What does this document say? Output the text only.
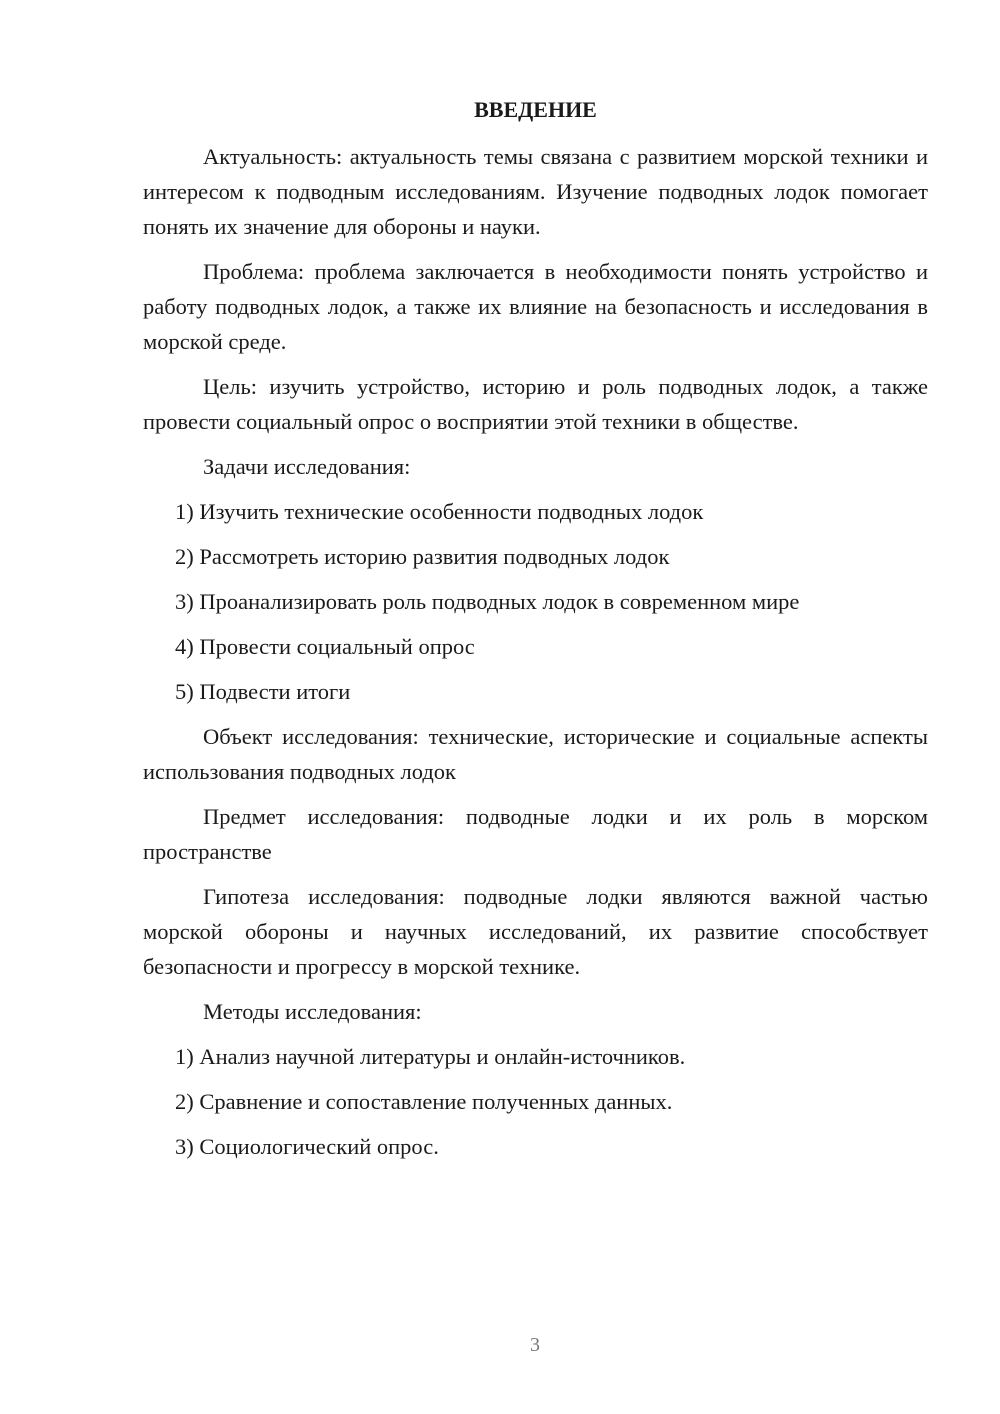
ВВЕДЕНИЕ

Актуальность: актуальность темы связана с развитием морской техники и интересом к подводным исследованиям. Изучение подводных лодок помогает понять их значение для обороны и науки.

Проблема: проблема заключается в необходимости понять устройство и работу подводных лодок, а также их влияние на безопасность и исследования в морской среде.

Цель: изучить устройство, историю и роль подводных лодок, а также провести социальный опрос о восприятии этой техники в обществе.

Задачи исследования:

1) Изучить технические особенности подводных лодок

2) Рассмотреть историю развития подводных лодок

3) Проанализировать роль подводных лодок в современном мире

4) Провести социальный опрос

5) Подвести итоги

Объект исследования: технические, исторические и социальные аспекты использования подводных лодок

Предмет исследования: подводные лодки и их роль в морском пространстве

Гипотеза исследования: подводные лодки являются важной частью морской обороны и научных исследований, их развитие способствует безопасности и прогрессу в морской технике.

Методы исследования:

1) Анализ научной литературы и онлайн-источников.

2) Сравнение и сопоставление полученных данных.

3) Социологический опрос.

3
